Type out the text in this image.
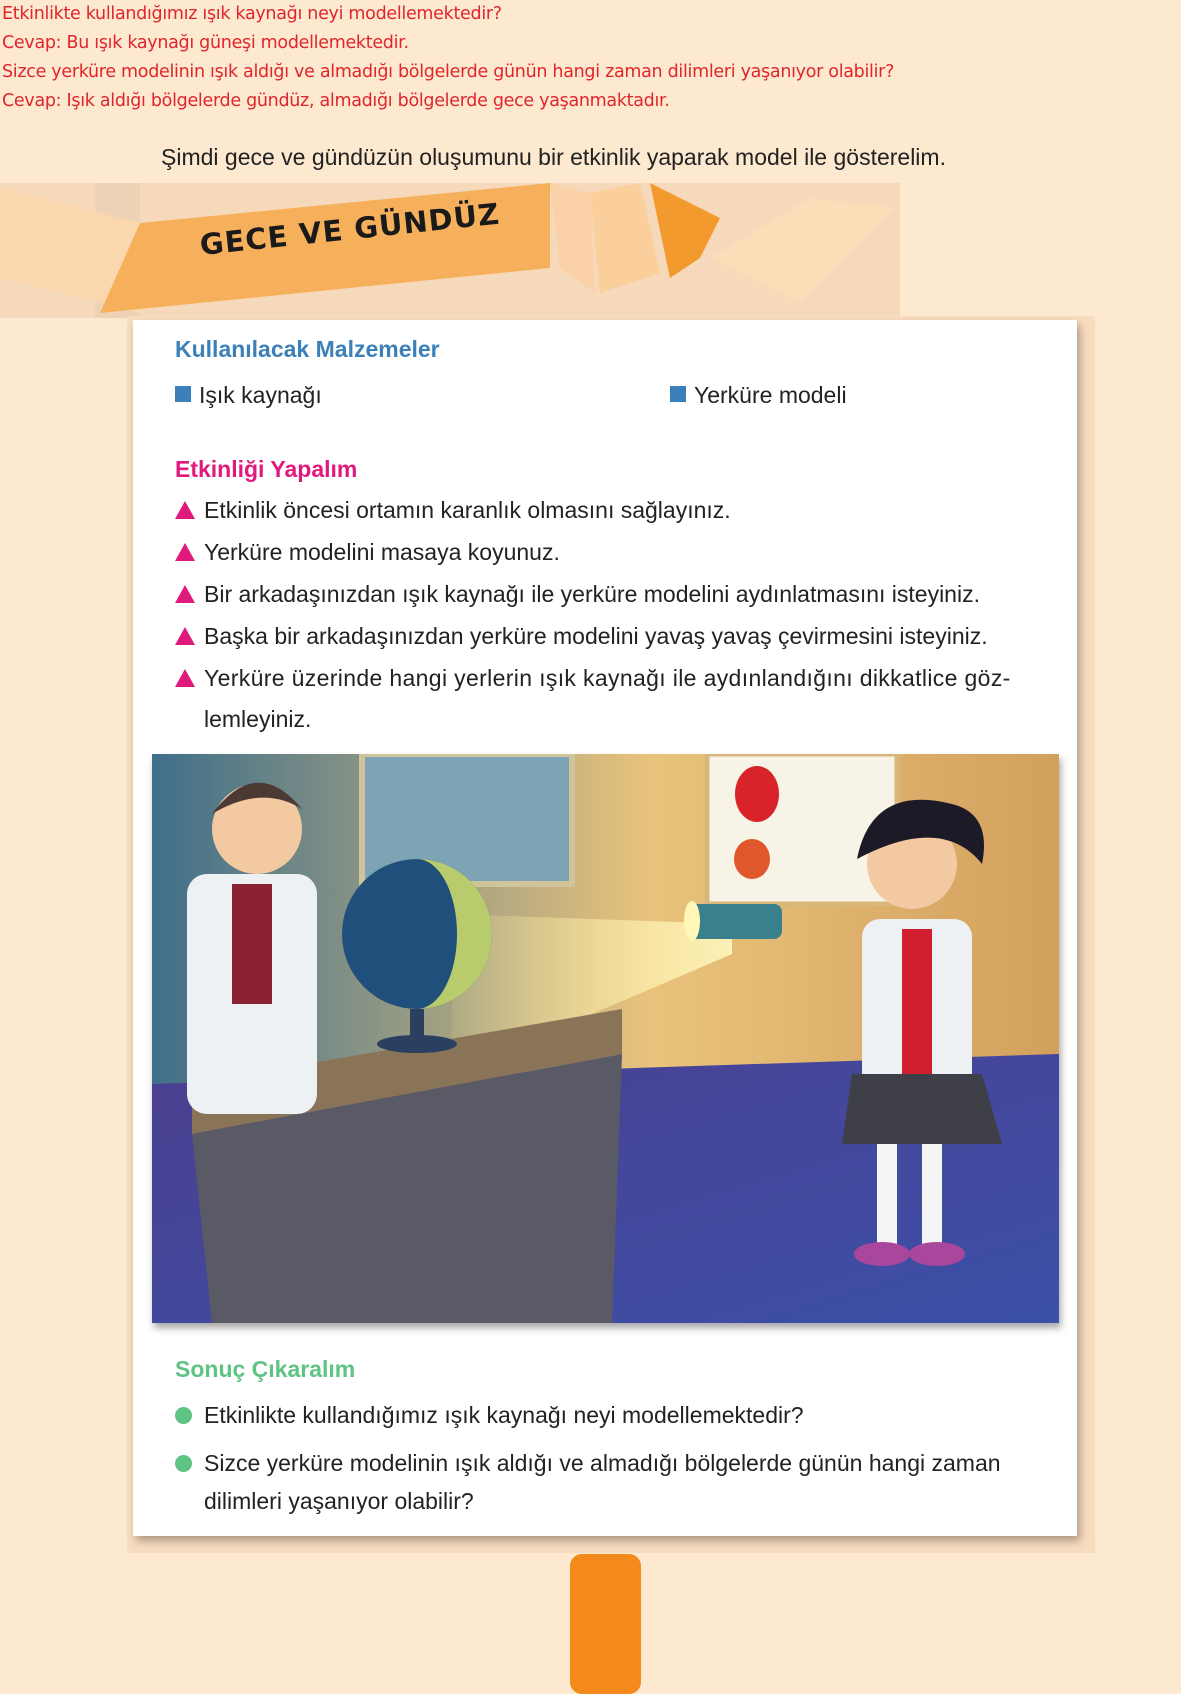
Etkinlikte kullandığımız ışık kaynağı neyi modellemektedir?
Cevap: Bu ışık kaynağı güneşi modellemektedir.
Sizce yerküre modelinin ışık aldığı ve almadığı bölgelerde günün hangi zaman dilimleri yaşanıyor olabilir?
Cevap: Işık aldığı bölgelerde gündüz, almadığı bölgelerde gece yaşanmaktadır.
Şimdi gece ve gündüzün oluşumunu bir etkinlik yaparak model ile gösterelim.
GECE VE GÜNDÜZ
Kullanılacak Malzemeler
Işık kaynağı	Yerküre modeli
Etkinliği Yapalım
Etkinlik öncesi ortamın karanlık olmasını sağlayınız.
Yerküre modelini masaya koyunuz.
Bir arkadaşınızdan ışık kaynağı ile yerküre modelini aydınlatmasını isteyiniz.
Başka bir arkadaşınızdan yerküre modelini yavaş yavaş çevirmesini isteyiniz.
Yerküre üzerinde hangi yerlerin ışık kaynağı ile aydınlandığını dikkatlice göz-
lemleyiniz.
Sonuç Çıkaralım
Etkinlikte kullandığımız ışık kaynağı neyi modellemektedir?
Sizce yerküre modelinin ışık aldığı ve almadığı bölgelerde günün hangi zaman
dilimleri yaşanıyor olabilir?
